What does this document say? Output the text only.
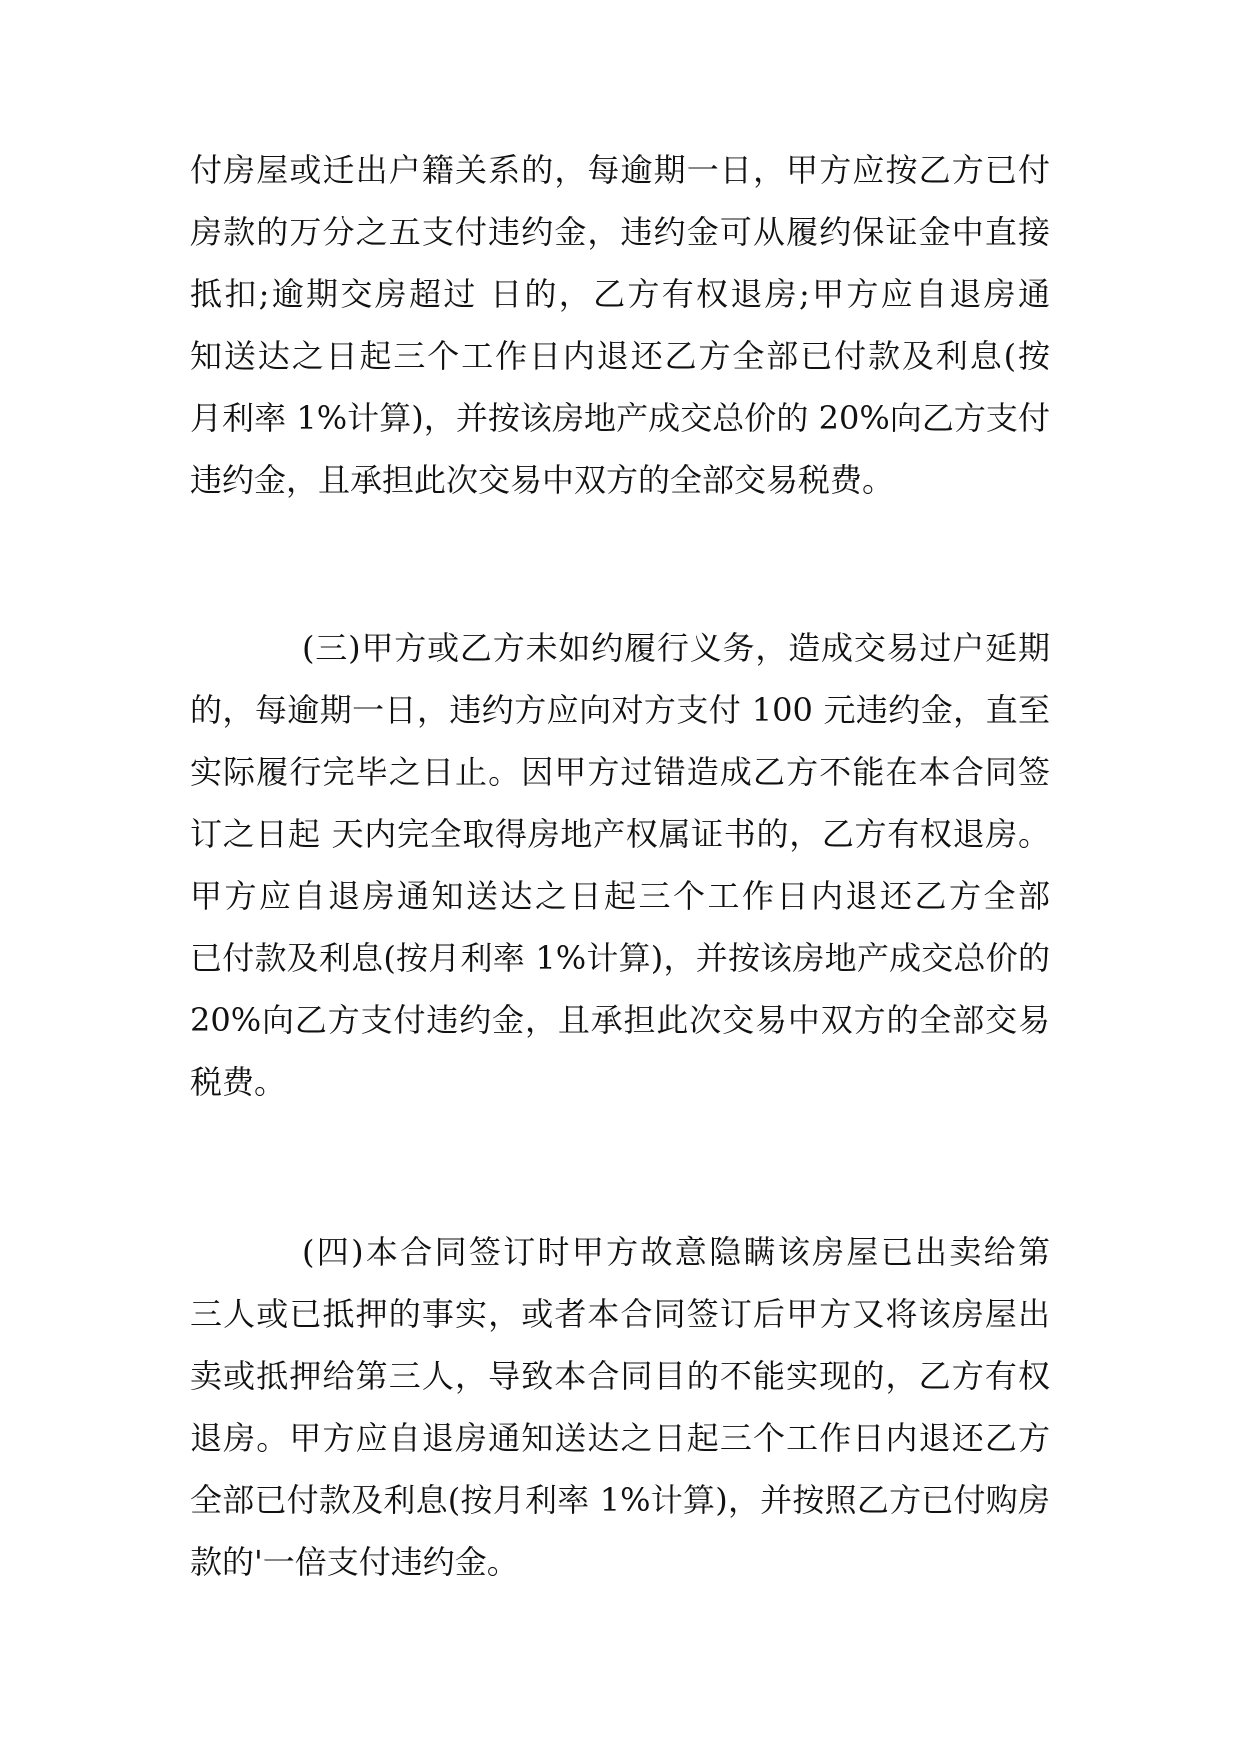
付房屋或迁出户籍关系的，每逾期一日，甲方应按乙方已付
房款的万分之五支付违约金，违约金可从履约保证金中直接
抵扣;逾期交房超过 日的，乙方有权退房;甲方应自退房通
知送达之日起三个工作日内退还乙方全部已付款及利息(按
月利率 1%计算)，并按该房地产成交总价的 20%向乙方支付
违约金，且承担此次交易中双方的全部交易税费。
(三)甲方或乙方未如约履行义务，造成交易过户延期
的，每逾期一日，违约方应向对方支付 100 元违约金，直至
实际履行完毕之日止。因甲方过错造成乙方不能在本合同签
订之日起 天内完全取得房地产权属证书的，乙方有权退房。
甲方应自退房通知送达之日起三个工作日内退还乙方全部
已付款及利息(按月利率 1%计算)，并按该房地产成交总价的
20%向乙方支付违约金，且承担此次交易中双方的全部交易
税费。
(四)本合同签订时甲方故意隐瞒该房屋已出卖给第
三人或已抵押的事实，或者本合同签订后甲方又将该房屋出
卖或抵押给第三人，导致本合同目的不能实现的，乙方有权
退房。甲方应自退房通知送达之日起三个工作日内退还乙方
全部已付款及利息(按月利率 1%计算)，并按照乙方已付购房
款的'一倍支付违约金。
